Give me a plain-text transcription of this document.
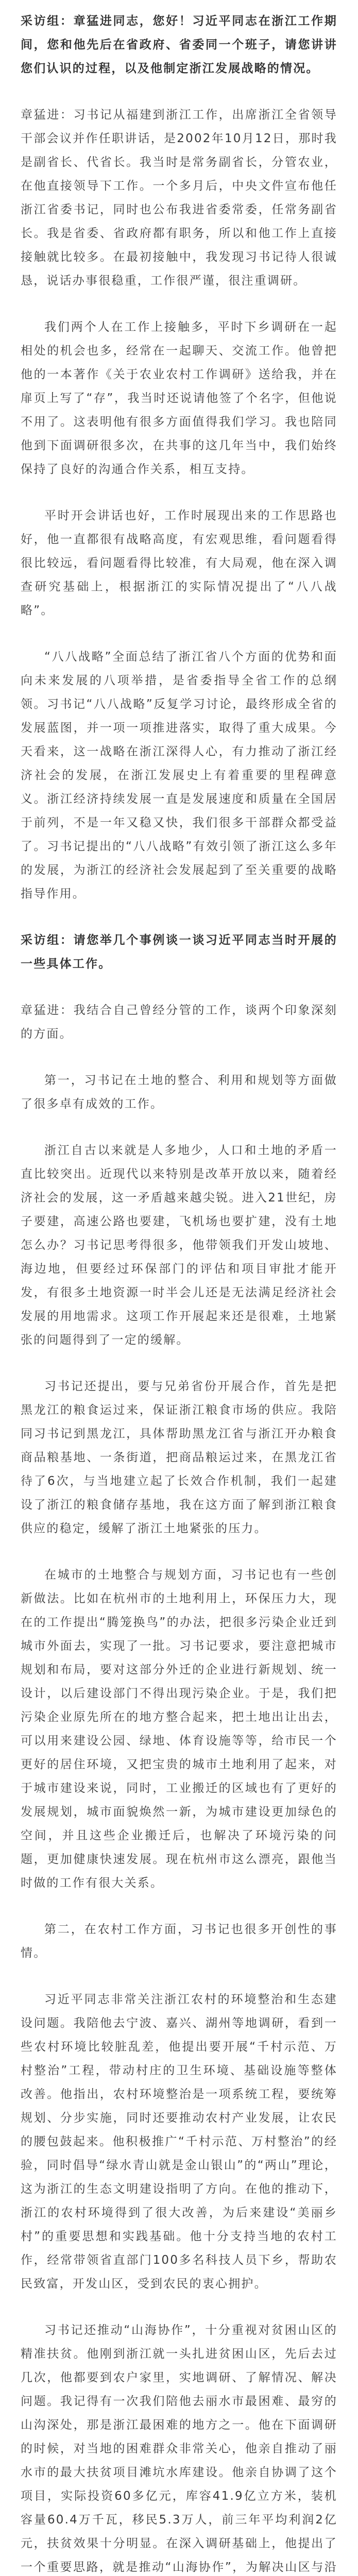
采访组：章猛进同志，您好！习近平同志在浙江工作期间，您和他先后在省政府、省委同一个班子，请您讲讲您们认识的过程，以及他制定浙江发展战略的情况。

章猛进：习书记从福建到浙江工作，出席浙江全省领导干部会议并作任职讲话，是2002年10月12日，那时我是副省长、代省长。我当时是常务副省长，分管农业，在他直接领导下工作。一个多月后，中央文件宣布他任浙江省委书记，同时也公布我进省委常委，任常务副省长。我是省委、省政府都有职务，所以和他工作上直接接触就比较多。在最初接触中，我发现习书记待人很诚恳，说话办事很稳重，工作很严谨，很注重调研。

我们两个人在工作上接触多，平时下乡调研在一起相处的机会也多，经常在一起聊天、交流工作。他曾把他的一本著作《关于农业农村工作调研》送给我，并在扉页上写了“存”，我当时还说请他签了个名字，但他说不用了。这表明他有很多方面值得我们学习。我也陪同他到下面调研很多次，在共事的这几年当中，我们始终保持了良好的沟通合作关系，相互支持。

平时开会讲话也好，工作时展现出来的工作思路也好，他一直都很有战略高度，有宏观思维，看问题看得很比较远，看问题看得比较准，有大局观，他在深入调查研究基础上，根据浙江的实际情况提出了“八八战略”。

“八八战略”全面总结了浙江省八个方面的优势和面向未来发展的八项举措，是省委指导全省工作的总纲领。习书记“八八战略”反复学习讨论，最终形成全省的发展蓝图，并一项一项推进落实，取得了重大成果。今天看来，这一战略在浙江深得人心，有力推动了浙江经济社会的发展，在浙江发展史上有着重要的里程碑意义。浙江经济持续发展一直是发展速度和质量在全国居于前列，不是一年又稳又快，我们很多干部群众都受益了。习书记提出的“八八战略”有效引领了浙江这么多年的发展，为浙江的经济社会发展起到了至关重要的战略指导作用。

采访组：请您举几个事例谈一谈习近平同志当时开展的一些具体工作。

章猛进：我结合自己曾经分管的工作，谈两个印象深刻的方面。

第一，习书记在土地的整合、利用和规划等方面做了很多卓有成效的工作。

浙江自古以来就是人多地少，人口和土地的矛盾一直比较突出。近现代以来特别是改革开放以来，随着经济社会的发展，这一矛盾越来越尖锐。进入21世纪，房子要建，高速公路也要建，飞机场也要扩建，没有土地怎么办？习书记思考得很多，他带领我们开发山坡地、海边地，但要经过环保部门的评估和项目审批才能开发，有很多土地资源一时半会儿还是无法满足经济社会发展的用地需求。这项工作开展起来还是很难，土地紧张的问题得到了一定的缓解。

习书记还提出，要与兄弟省份开展合作，首先是把黑龙江的粮食运过来，保证浙江粮食市场的供应。我陪同习书记到黑龙江，具体帮助黑龙江省与浙江开办粮食商品粮基地、一条街道，把商品粮运过来，在黑龙江省待了6次，与当地建立起了长效合作机制，我们一起建设了浙江的粮食储存基地，我在这方面了解到浙江粮食供应的稳定，缓解了浙江土地紧张的压力。

在城市的土地整合与规划方面，习书记也有一些创新做法。比如在杭州市的土地利用上，环保压力大，现在的工作提出“腾笼换鸟”的办法，把很多污染企业迁到城市外面去，实现了一批。习书记要求，要注意把城市规划和布局，要对这部分外迁的企业进行新规划、统一设计，以后建设部门不得出现污染企业。于是，我们把污染企业原先所在的地方整合起来，把土地出让出去，可以用来建设公园、绿地、体育设施等等，给市民一个更好的居住环境，又把宝贵的城市土地利用了起来，对于城市建设来说，同时，工业搬迁的区域也有了更好的发展规划，城市面貌焕然一新，为城市建设更加绿色的空间，并且这些企业搬迁后，也解决了环境污染的问题，更加健康快速发展。现在杭州市这么漂亮，跟他当时做的工作有很大关系。

第二，在农村工作方面，习书记也很多开创性的事情。

习近平同志非常关注浙江农村的环境整治和生态建设问题。我陪他去宁波、嘉兴、湖州等地调研，看到一些农村环境比较脏乱差，他提出要开展“千村示范、万村整治”工程，带动村庄的卫生环境、基础设施等整体改善。他指出，农村环境整治是一项系统工程，要统筹规划、分步实施，同时还要推动农村产业发展，让农民的腰包鼓起来。他积极推广“千村示范、万村整治”的经验，同时倡导“绿水青山就是金山银山”的“两山”理论，这为浙江的生态文明建设指明了方向。在他的推动下，浙江的农村环境得到了很大改善，为后来建设“美丽乡村”的重要思想和实践基础。他十分支持当地的农村工作，经常带领省直部门100多名科技人员下乡，帮助农民致富，开发山区，受到农民的衷心拥护。

习书记还推动“山海协作”，十分重视对贫困山区的精准扶贫。他刚到浙江就一头扎进贫困山区，先后去过几次，他都要到农户家里，实地调研、了解情况、解决问题。我记得有一次我们陪他去丽水市最困难、最穷的山沟深处，那是浙江最困难的地方之一。他在下面调研的时候，对当地的困难群众非常关心，他亲自推动了丽水市的最大扶贫项目滩坑水库建设。他亲自协调了这个项目，实际投资60多亿元，库容41.9亿立方米，装机容量60.4万千瓦，移民5.3万人，前三年平均利润2亿元，扶贫效果十分明显。在深入调研基础上，他提出了一个重要思路，就是推动“山海协作”，为解决山区与沿
